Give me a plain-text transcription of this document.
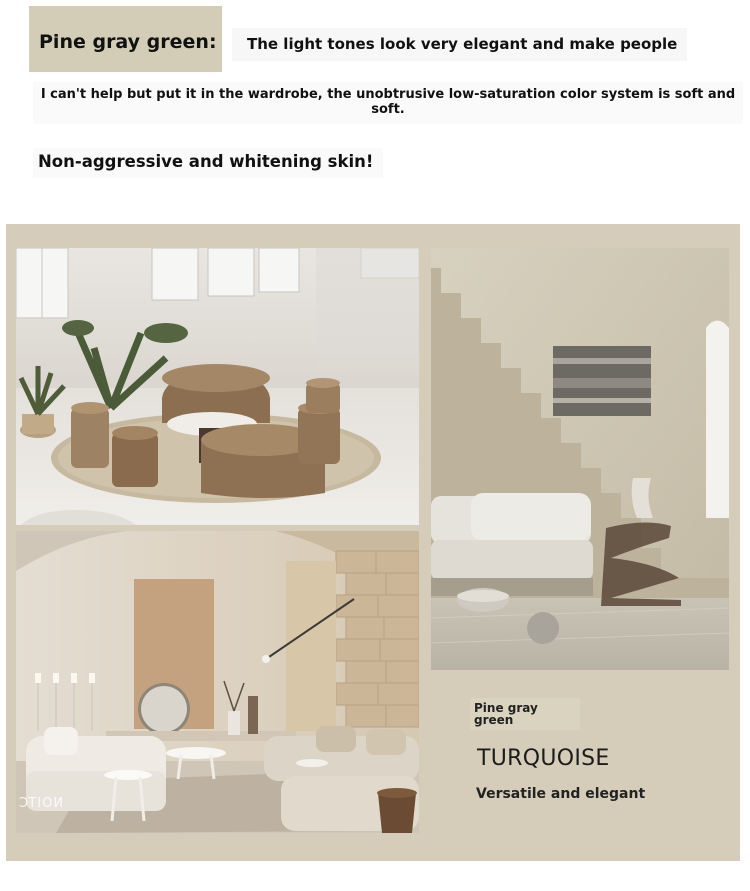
Pine gray green: The light tones look very elegant and make people
I can't help but put it in the wardrobe, the unobtrusive low-saturation color system is soft and soft.
Non-aggressive and whitening skin!
NOITC
Pine gray green
TURQUOISE
Versatile and elegant
